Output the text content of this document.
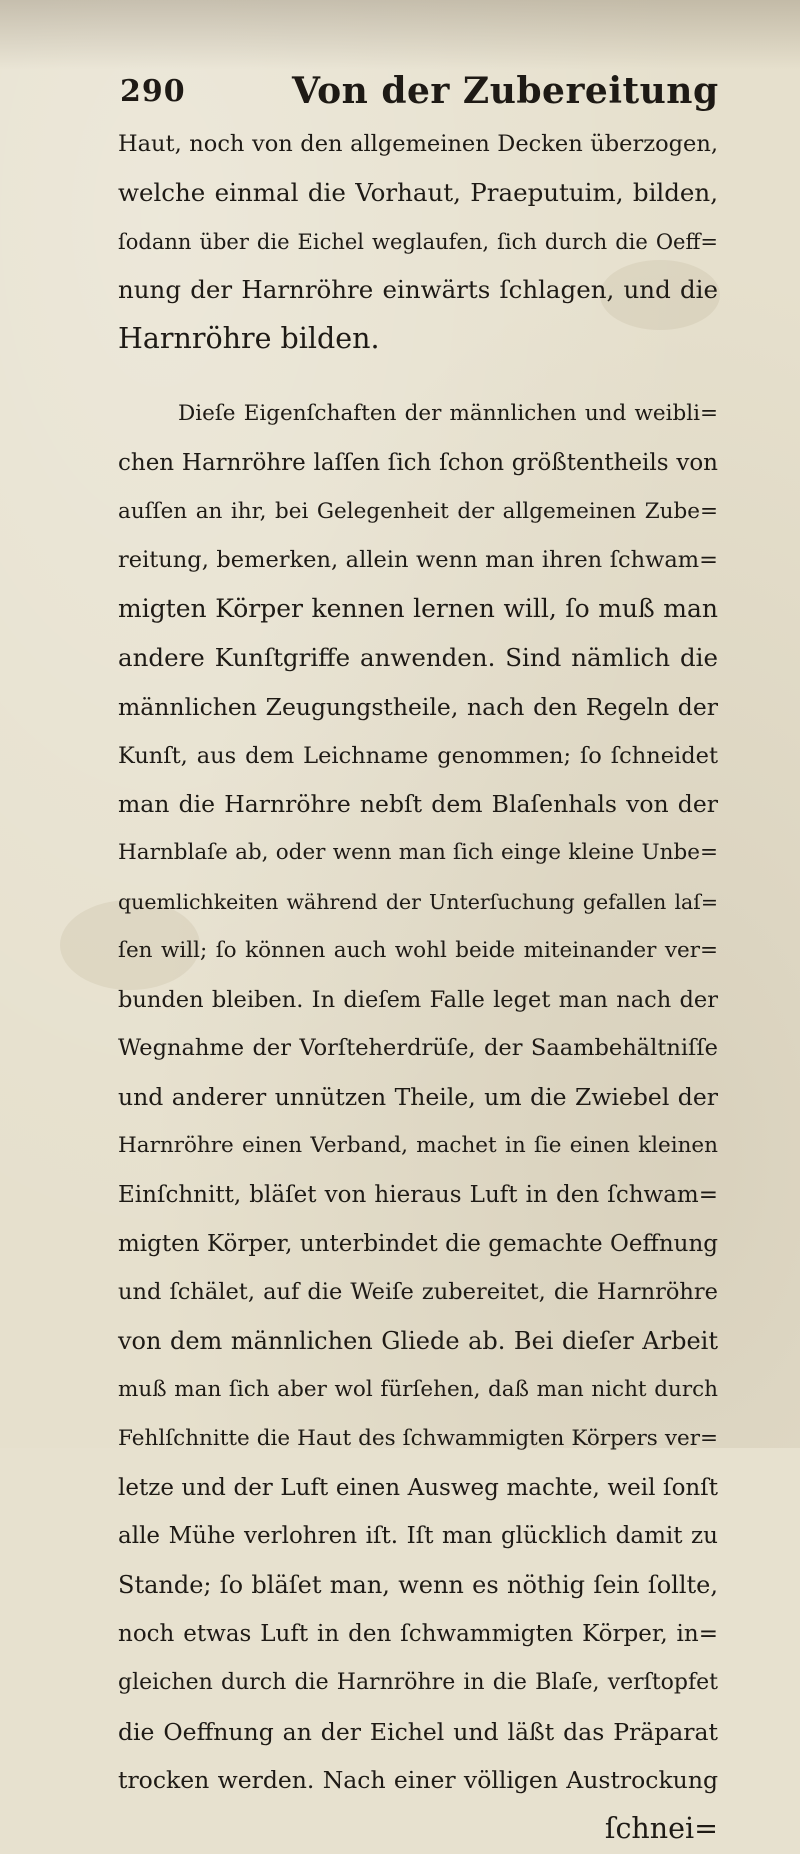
290	Von der Zubereitung
Haut, noch von den allgemeinen Decken überzogen,
welche einmal die Vorhaut, Praeputuim, bilden,
ſodann über die Eichel weglaufen, ſich durch die Oeff=
nung der Harnröhre einwärts ſchlagen, und die
Harnröhre bilden.
Dieſe Eigenſchaften der männlichen und weibli=
chen Harnröhre laſſen ſich ſchon größtentheils von
auſſen an ihr, bei Gelegenheit der allgemeinen Zube=
reitung, bemerken, allein wenn man ihren ſchwam=
migten Körper kennen lernen will, ſo muß man
andere Kunſtgriffe anwenden. Sind nämlich die
männlichen Zeugungstheile, nach den Regeln der
Kunſt, aus dem Leichname genommen; ſo ſchneidet
man die Harnröhre nebſt dem Blaſenhals von der
Harnblaſe ab, oder wenn man ſich einge kleine Unbe=
quemlichkeiten während der Unterſuchung gefallen laſ=
ſen will; ſo können auch wohl beide miteinander ver=
bunden bleiben. In dieſem Falle leget man nach der
Wegnahme der Vorſteherdrüſe, der Saambehältniſſe
und anderer unnützen Theile, um die Zwiebel der
Harnröhre einen Verband, machet in ſie einen kleinen
Einſchnitt, bläſet von hieraus Luft in den ſchwam=
migten Körper, unterbindet die gemachte Oeffnung
und ſchälet, auf die Weiſe zubereitet, die Harnröhre
von dem männlichen Gliede ab. Bei dieſer Arbeit
muß man ſich aber wol fürſehen, daß man nicht durch
Fehlſchnitte die Haut des ſchwammigten Körpers ver=
letze und der Luft einen Ausweg machte, weil ſonſt
alle Mühe verlohren iſt. Iſt man glücklich damit zu
Stande; ſo bläſet man, wenn es nöthig ſein ſollte,
noch etwas Luft in den ſchwammigten Körper, in=
gleichen durch die Harnröhre in die Blaſe, verſtopfet
die Oeffnung an der Eichel und läßt das Präparat
trocken werden. Nach einer völligen Austrockung
ſchnei=
